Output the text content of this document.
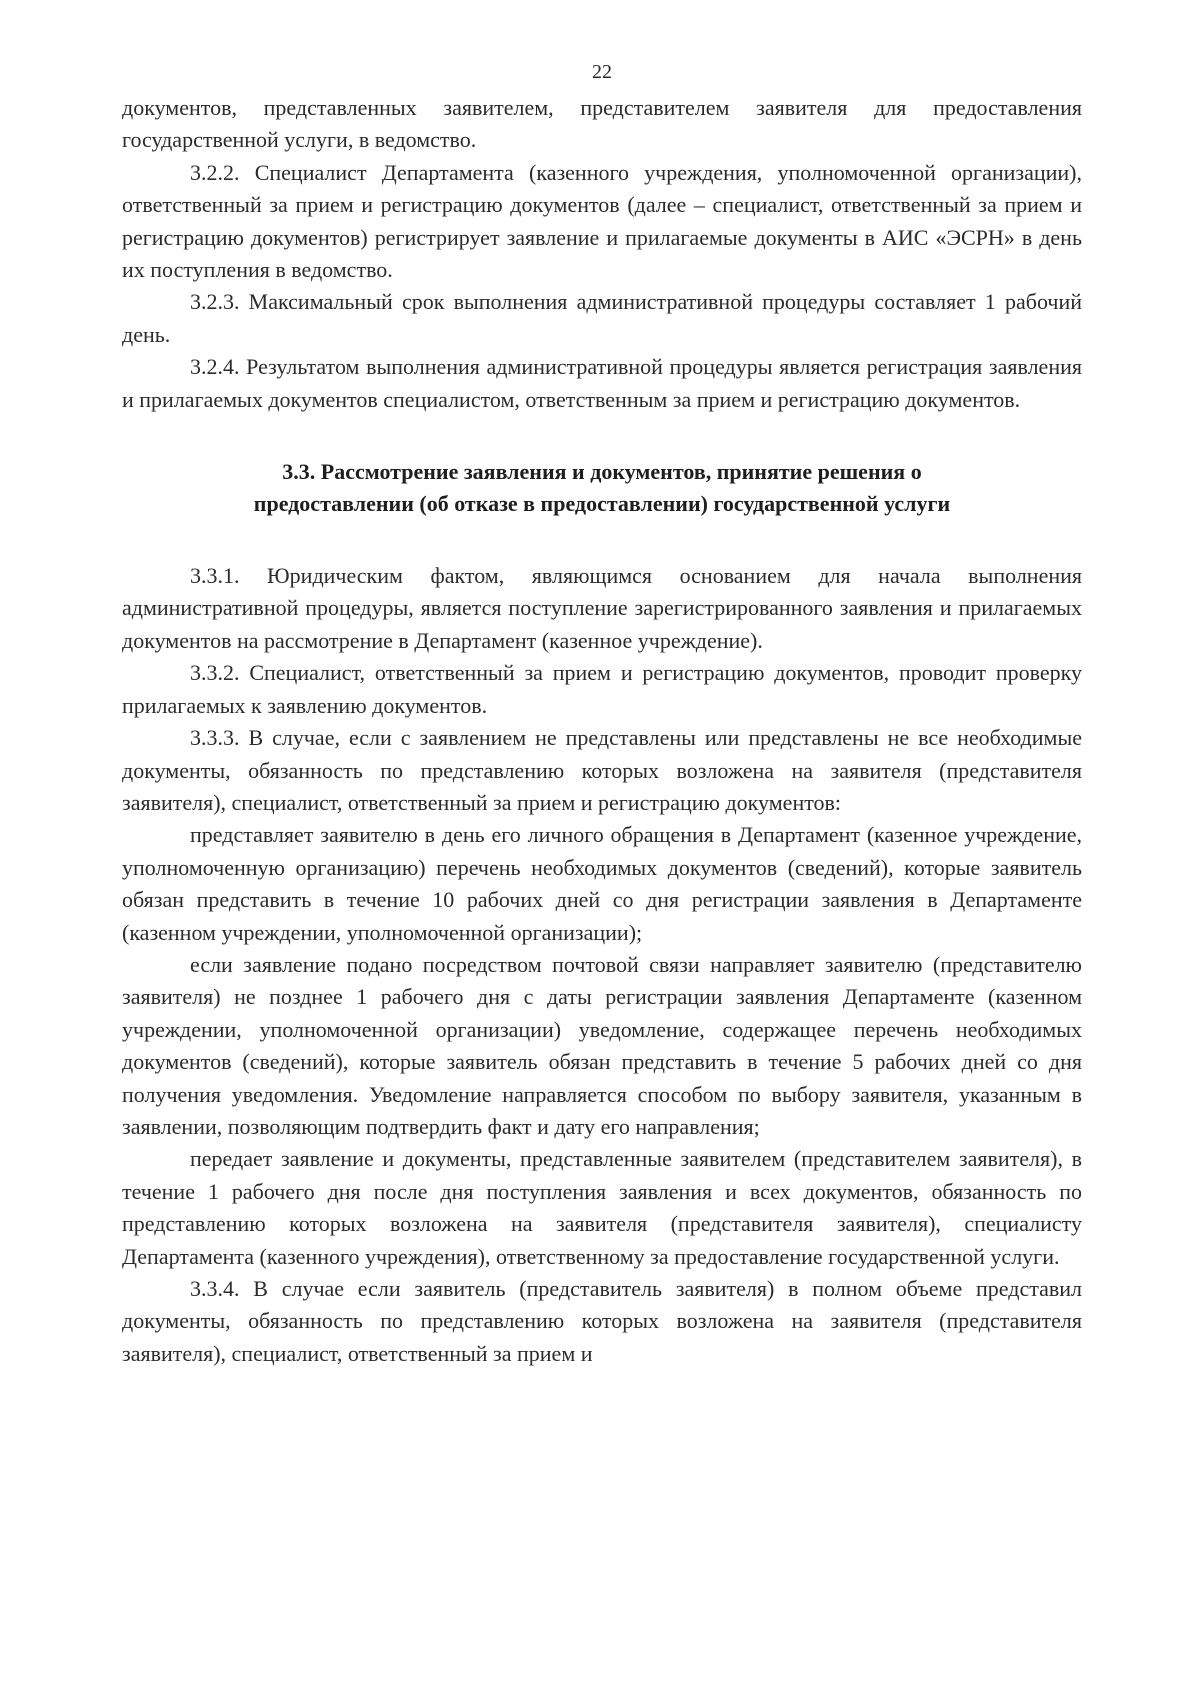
22

документов, представленных заявителем, представителем заявителя для предоставления государственной услуги, в ведомство.

3.2.2. Специалист Департамента (казенного учреждения, уполномоченной организации), ответственный за прием и регистрацию документов (далее – специалист, ответственный за прием и регистрацию документов) регистрирует заявление и прилагаемые документы в АИС «ЭСРН» в день их поступления в ведомство.

3.2.3. Максимальный срок выполнения административной процедуры составляет 1 рабочий день.

3.2.4. Результатом выполнения административной процедуры является регистрация заявления и прилагаемых документов специалистом, ответственным за прием и регистрацию документов.

3.3. Рассмотрение заявления и документов, принятие решения о
предоставлении (об отказе в предоставлении) государственной услуги

3.3.1. Юридическим фактом, являющимся основанием для начала выполнения административной процедуры, является поступление зарегистрированного заявления и прилагаемых документов на рассмотрение в Департамент (казенное учреждение).

3.3.2. Специалист, ответственный за прием и регистрацию документов, проводит проверку прилагаемых к заявлению документов.

3.3.3. В случае, если с заявлением не представлены или представлены не все необходимые документы, обязанность по представлению которых возложена на заявителя (представителя заявителя), специалист, ответственный за прием и регистрацию документов:

представляет заявителю в день его личного обращения в Департамент (казенное учреждение, уполномоченную организацию) перечень необходимых документов (сведений), которые заявитель обязан представить в течение 10 рабочих дней со дня регистрации заявления в Департаменте (казенном учреждении, уполномоченной организации);

если заявление подано посредством почтовой связи направляет заявителю (представителю заявителя) не позднее 1 рабочего дня с даты регистрации заявления Департаменте (казенном учреждении, уполномоченной организации) уведомление, содержащее перечень необходимых документов (сведений), которые заявитель обязан представить в течение 5 рабочих дней со дня получения уведомления. Уведомление направляется способом по выбору заявителя, указанным в заявлении, позволяющим подтвердить факт и дату его направления;

передает заявление и документы, представленные заявителем (представителем заявителя), в течение 1 рабочего дня после дня поступления заявления и всех документов, обязанность по представлению которых возложена на заявителя (представителя заявителя), специалисту Департамента (казенного учреждения), ответственному за предоставление государственной услуги.

3.3.4. В случае если заявитель (представитель заявителя) в полном объеме представил документы, обязанность по представлению которых возложена на заявителя (представителя заявителя), специалист, ответственный за прием и
